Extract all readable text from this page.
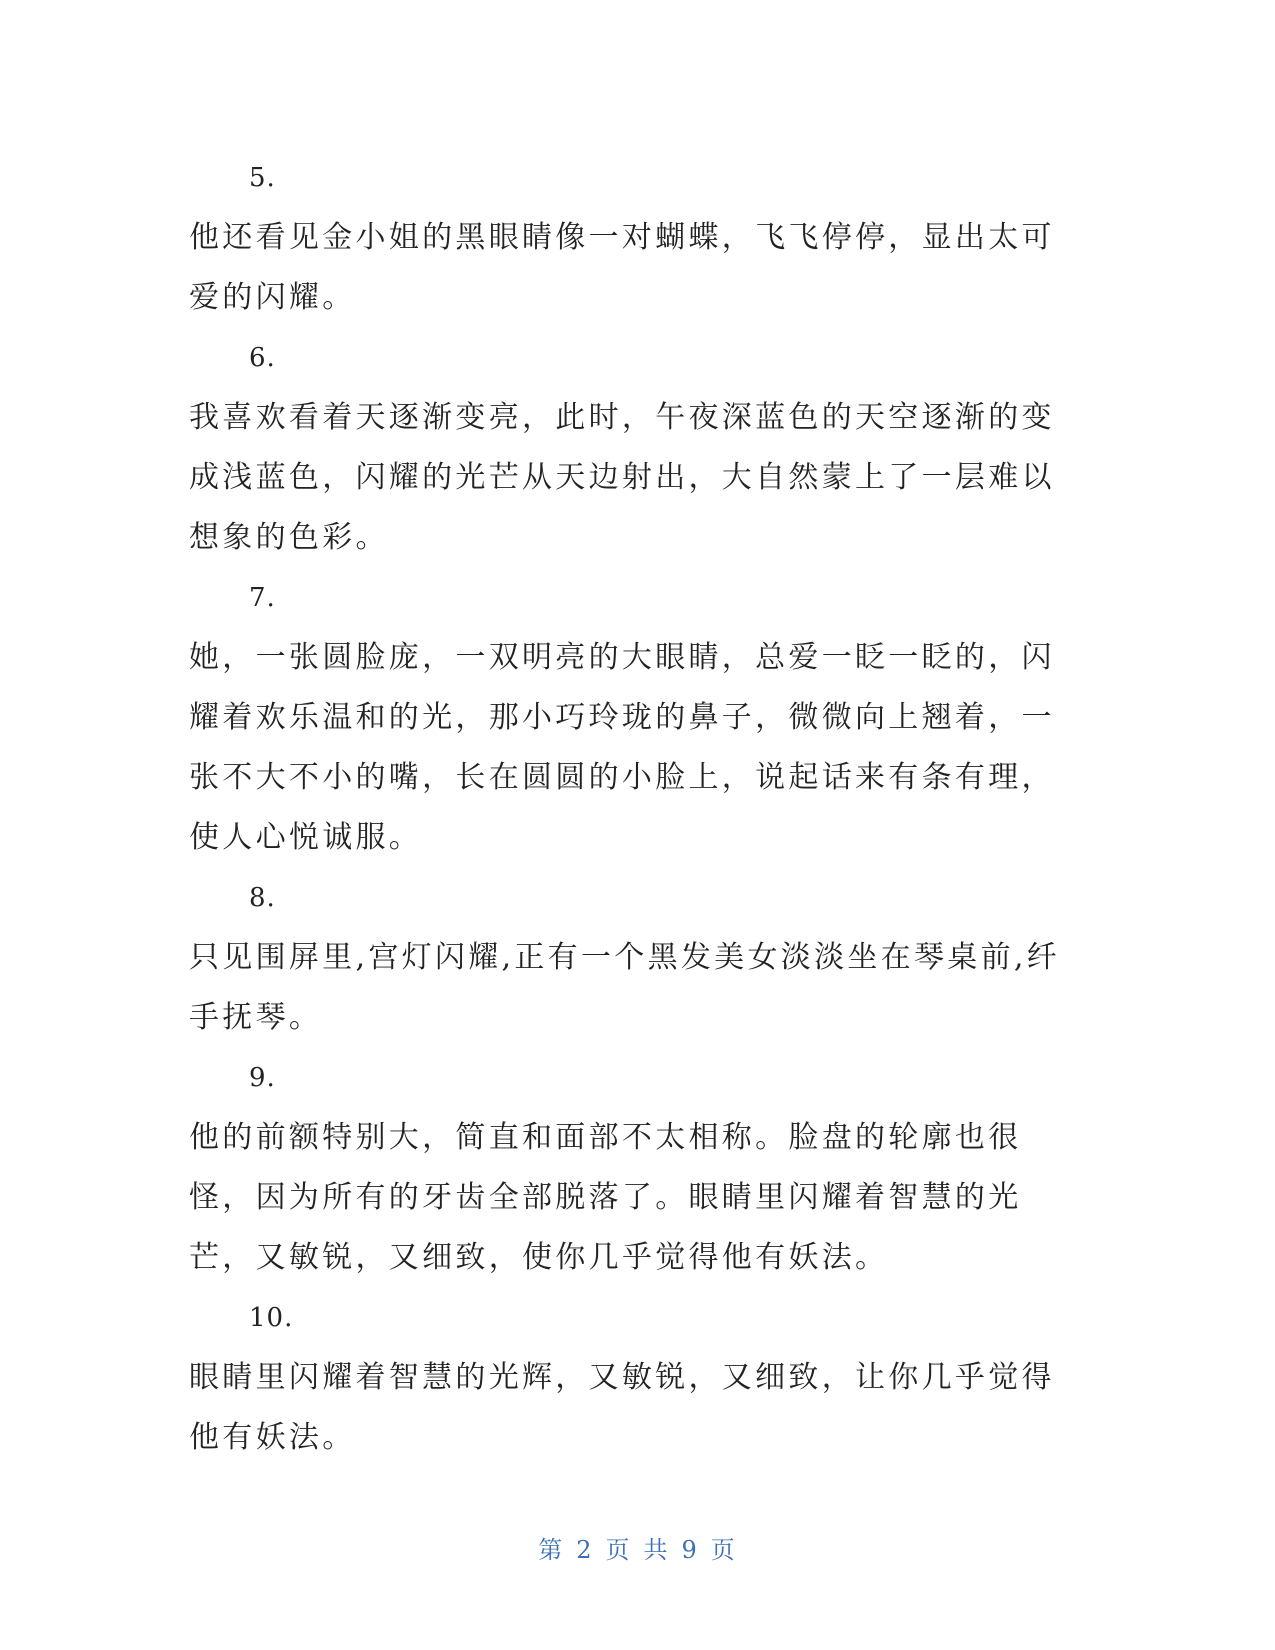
5.

他还看见金小姐的黑眼睛像一对蝴蝶，飞飞停停，显出太可爱的闪耀。

6.

我喜欢看着天逐渐变亮，此时，午夜深蓝色的天空逐渐的变成浅蓝色，闪耀的光芒从天边射出，大自然蒙上了一层难以想象的色彩。

7.

她，一张圆脸庞，一双明亮的大眼睛，总爱一眨一眨的，闪耀着欢乐温和的光，那小巧玲珑的鼻子，微微向上翘着，一张不大不小的嘴，长在圆圆的小脸上，说起话来有条有理，使人心悦诚服。

8.

只见围屏里,宫灯闪耀,正有一个黑发美女淡淡坐在琴桌前,纤手抚琴。

9.

他的前额特别大，简直和面部不太相称。脸盘的轮廓也很怪，因为所有的牙齿全部脱落了。眼睛里闪耀着智慧的光芒，又敏锐，又细致，使你几乎觉得他有妖法。

10.

眼睛里闪耀着智慧的光辉，又敏锐，又细致，让你几乎觉得他有妖法。

第 2 页 共 9 页
